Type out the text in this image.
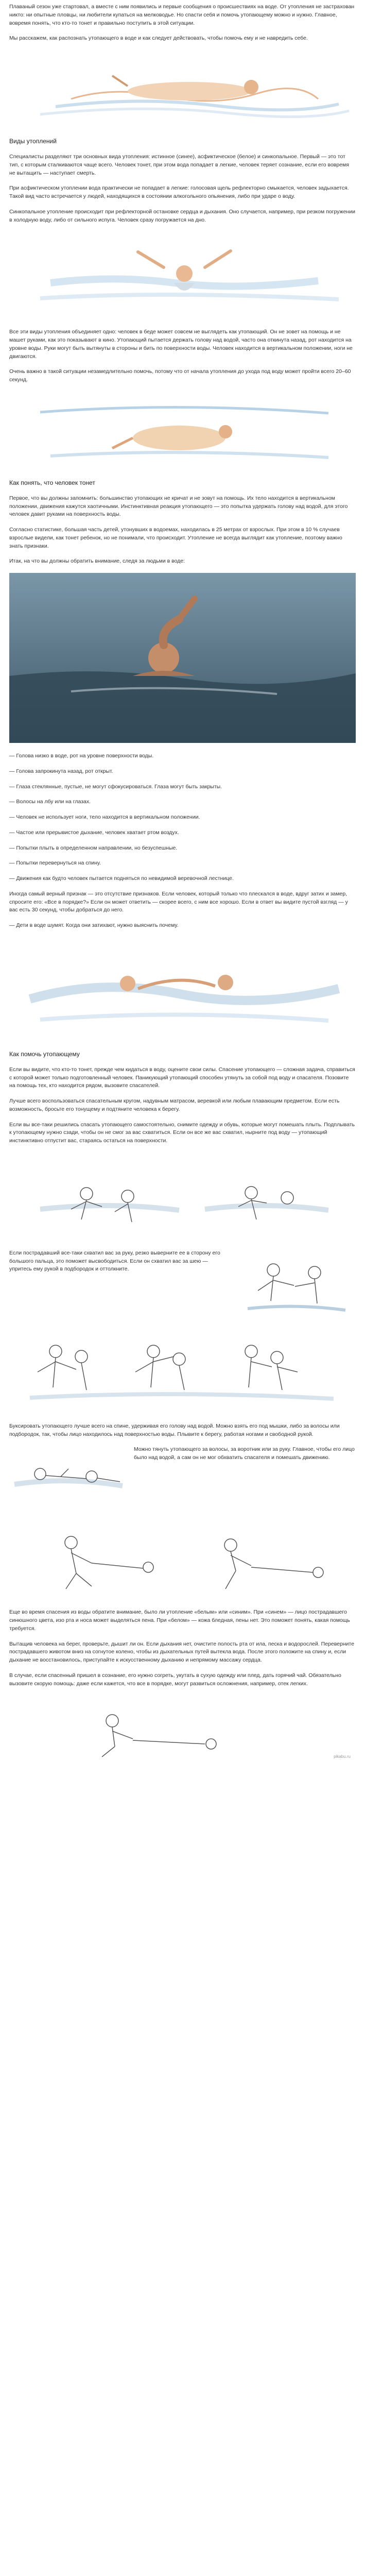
Плаваный сезон уже стартовал, а вместе с ним появились и первые сообщения о происшествиях на воде. От утопления не застрахован никто: ни опытные пловцы, ни любители купаться на мелководье. Но спасти себя и помочь утопающему можно и нужно. Главное, вовремя понять, что кто-то тонет и правильно поступить в этой ситуации.

Мы расскажем, как распознать утопающего в воде и как следует действовать, чтобы помочь ему и не навредить себе.

Виды утоплений

Специалисты разделяют три основных вида утопления: истинное (синее), асфиктическое (белое) и синкопальное. Первый — это тот тип, с которым сталкиваются чаще всего. Человек тонет, при этом вода попадает в легкие, человек теряет сознание, если его вовремя не вытащить — наступает смерть.

При асфиктическом утоплении вода практически не попадает в легкие: голосовая щель рефлекторно смыкается, человек задыхается. Такой вид часто встречается у людей, находящихся в состоянии алкогольного опьянения, либо при ударе о воду.

Синкопальное утопление происходит при рефлекторной остановке сердца и дыхания. Оно случается, например, при резком погружении в холодную воду, либо от сильного испуга. Человек сразу погружается на дно.

Все эти виды утопления объединяет одно: человек в беде может совсем не выглядеть как утопающий. Он не зовет на помощь и не машет руками, как это показывают в кино. Утопающий пытается держать голову над водой, часто она откинута назад, рот находится на уровне воды. Руки могут быть вытянуты в стороны и бить по поверхности воды. Человек находится в вертикальном положении, ноги не двигаются.

Очень важно в такой ситуации незамедлительно помочь, потому что от начала утопления до ухода под воду может пройти всего 20–60 секунд.

Как понять, что человек тонет

Первое, что вы должны запомнить: большинство утопающих не кричат и не зовут на помощь. Их тело находится в вертикальном положении, движения кажутся хаотичными. Инстинктивная реакция утопающего — это попытка удержать голову над водой, для этого человек давит руками на поверхность воды.

Согласно статистике, большая часть детей, утонувших в водоемах, находилась в 25 метрах от взрослых. При этом в 10 % случаев взрослые видели, как тонет ребенок, но не понимали, что происходит. Утопление не всегда выглядит как утопление, поэтому важно знать признаки.

Итак, на что вы должны обратить внимание, следя за людьми в воде:

— Голова низко в воде, рот на уровне поверхности воды.

— Голова запрокинута назад, рот открыт.

— Глаза стеклянные, пустые, не могут сфокусироваться. Глаза могут быть закрыты.

— Волосы на лбу или на глазах.

— Человек не использует ноги, тело находится в вертикальном положении.

— Частое или прерывистое дыхание, человек хватает ртом воздух.

— Попытки плыть в определенном направлении, но безуспешные.

— Попытки перевернуться на спину.

— Движения как будто человек пытается подняться по невидимой веревочной лестнице.

Иногда самый верный признак — это отсутствие признаков. Если человек, который только что плескался в воде, вдруг затих и замер, спросите его: «Все в порядке?» Если он может ответить — скорее всего, с ним все хорошо. Если в ответ вы видите пустой взгляд — у вас есть 30 секунд, чтобы добраться до него.

— Дети в воде шумят. Когда они затихают, нужно выяснить почему.

Как помочь утопающему

Если вы видите, что кто-то тонет, прежде чем кидаться в воду, оцените свои силы. Спасение утопающего — сложная задача, справиться с которой может только подготовленный человек. Паникующий утопающий способен утянуть за собой под воду и спасателя. Позовите на помощь тех, кто находится рядом, вызовите спасателей.

Лучше всего воспользоваться спасательным кругом, надувным матрасом, веревкой или любым плавающим предметом. Если есть возможность, бросьте его тонущему и подтяните человека к берегу.

Если вы все-таки решились спасать утопающего самостоятельно, снимите одежду и обувь, которые могут помешать плыть. Подплывать к утопающему нужно сзади, чтобы он не смог за вас схватиться. Если он все же вас схватил, нырните под воду — утопающий инстинктивно отпустит вас, стараясь остаться на поверхности.

Если пострадавший все-таки схватил вас за руку, резко выверните ее в сторону его большого пальца, это поможет высвободиться. Если он схватил вас за шею — упритесь ему рукой в подбородок и оттолкните.

Буксировать утопающего лучше всего на спине, удерживая его голову над водой. Можно взять его под мышки, либо за волосы или подбородок, так, чтобы лицо находилось над поверхностью воды. Плывите к берегу, работая ногами и свободной рукой.

Можно тянуть утопающего за волосы, за воротник или за руку. Главное, чтобы его лицо было над водой, а сам он не мог обхватить спасателя и помешать движению.

Еще во время спасения из воды обратите внимание, было ли утопление «белым» или «синим». При «синем» — лицо пострадавшего синюшного цвета, изо рта и носа может выделяться пена. При «белом» — кожа бледная, пены нет. Это поможет понять, какая помощь требуется.

Вытащив человека на берег, проверьте, дышит ли он. Если дыхания нет, очистите полость рта от ила, песка и водорослей. Переверните пострадавшего животом вниз на согнутое колено, чтобы из дыхательных путей вытекла вода. После этого положите на спину и, если дыхание не восстановилось, приступайте к искусственному дыханию и непрямому массажу сердца.

В случае, если спасенный пришел в сознание, его нужно согреть, укутать в сухую одежду или плед, дать горячий чай. Обязательно вызовите скорую помощь: даже если кажется, что все в порядке, могут развиться осложнения, например, отек легких.

pikabu.ru
